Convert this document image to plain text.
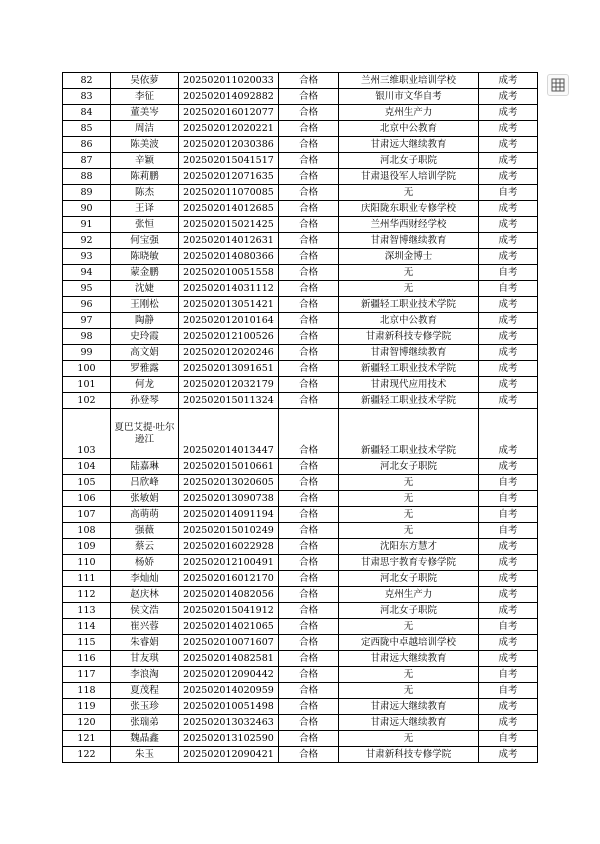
82	吴依萝	202502011020033	合格	兰州三维职业培训学校	成考
83	李征	202502014092882	合格	银川市文华自考	成考
84	董美岑	202502016012077	合格	克州生产力	成考
85	周洁	202502012020221	合格	北京中公教育	成考
86	陈美波	202502012030386	合格	甘肃远大继续教育	成考
87	辛颖	202502015041517	合格	河北女子职院	成考
88	陈莉鹏	202502012071635	合格	甘肃退役军人培训学院	成考
89	陈杰	202502011070085	合格	无	自考
90	王译	202502014012685	合格	庆阳陇东职业专修学校	成考
91	张恒	202502015021425	合格	兰州华西财经学校	成考
92	何宝强	202502014012631	合格	甘肃智博继续教育	成考
93	陈晓敏	202502014080366	合格	深圳金博士	成考
94	蒙金鹏	202502010051558	合格	无	自考
95	沈婕	202502014031112	合格	无	自考
96	王刚松	202502013051421	合格	新疆轻工职业技术学院	成考
97	陶静	202502012010164	合格	北京中公教育	成考
98	史玲霞	202502012100526	合格	甘肃新科技专修学院	成考
99	高文娟	202502012020246	合格	甘肃智博继续教育	成考
100	罗雅露	202502013091651	合格	新疆轻工职业技术学院	成考
101	何龙	202502012032179	合格	甘肃现代应用技术	成考
102	孙登琴	202502015011324	合格	新疆轻工职业技术学院	成考
103	夏巴艾提·吐尔逊江	202502014013447	合格	新疆轻工职业技术学院	成考
104	陆嘉琳	202502015010661	合格	河北女子职院	成考
105	吕欣峰	202502013020605	合格	无	自考
106	张敏娟	202502013090738	合格	无	自考
107	高萌萌	202502014091194	合格	无	自考
108	强薇	202502015010249	合格	无	自考
109	蔡云	202502016022928	合格	沈阳东方慧才	成考
110	杨娇	202502012100491	合格	甘肃思宇教育专修学院	成考
111	李灿灿	202502016012170	合格	河北女子职院	成考
112	赵庆林	202502014082056	合格	克州生产力	成考
113	侯文浩	202502015041912	合格	河北女子职院	成考
114	崔兴蓉	202502014021065	合格	无	自考
115	朱睿娟	202502010071607	合格	定西陇中卓越培训学校	成考
116	甘友琪	202502014082581	合格	甘肃远大继续教育	成考
117	李浪淘	202502012090442	合格	无	自考
118	夏茂程	202502014020959	合格	无	自考
119	张玉珍	202502010051498	合格	甘肃远大继续教育	成考
120	张瑞弟	202502013032463	合格	甘肃远大继续教育	成考
121	魏晶鑫	202502013102590	合格	无	自考
122	朱玉	202502012090421	合格	甘肃新科技专修学院	成考
